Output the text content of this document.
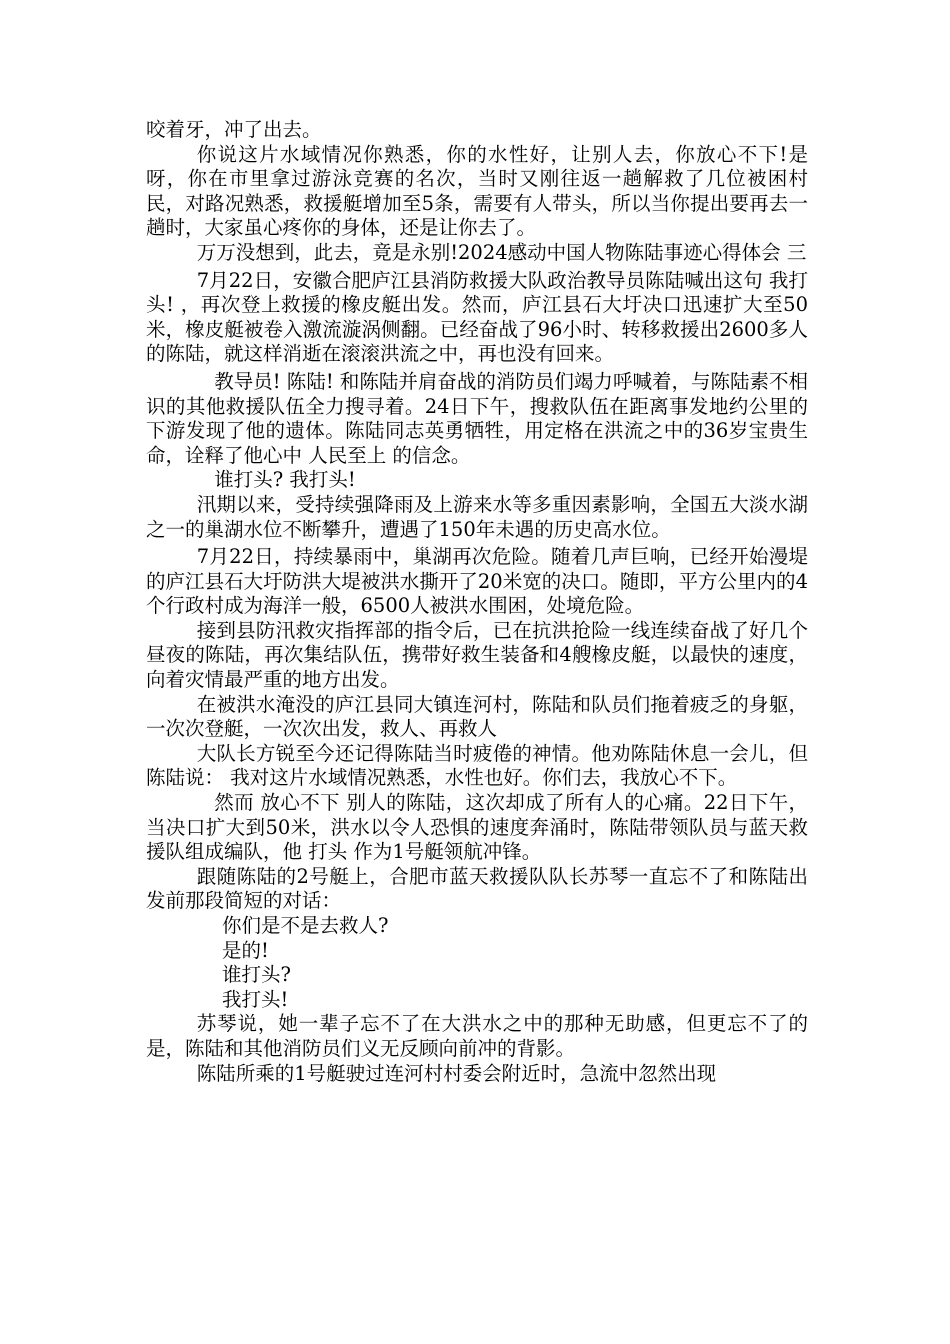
咬着牙，冲了出去。

你说这片水域情况你熟悉，你的水性好，让别人去，你放心不下!是呀，你在市里拿过游泳竞赛的名次，当时又刚往返一趟解救了几位被困村民，对路况熟悉，救援艇增加至5条，需要有人带头，所以当你提出要再去一趟时，大家虽心疼你的身体，还是让你去了。

万万没想到，此去，竟是永别!2024感动中国人物陈陆事迹心得体会 三

7月22日，安徽合肥庐江县消防救援大队政治教导员陈陆喊出这句 我打头! ，再次登上救援的橡皮艇出发。然而，庐江县石大圩决口迅速扩大至50米，橡皮艇被卷入激流漩涡侧翻。已经奋战了96小时、转移救援出2600多人的陈陆，就这样消逝在滚滚洪流之中，再也没有回来。

教导员! 陈陆! 和陈陆并肩奋战的消防员们竭力呼喊着，与陈陆素不相识的其他救援队伍全力搜寻着。24日下午，搜救队伍在距离事发地约公里的下游发现了他的遗体。陈陆同志英勇牺牲，用定格在洪流之中的36岁宝贵生命，诠释了他心中 人民至上 的信念。

谁打头? 我打头!

汛期以来，受持续强降雨及上游来水等多重因素影响，全国五大淡水湖之一的巢湖水位不断攀升，遭遇了150年未遇的历史高水位。

7月22日，持续暴雨中，巢湖再次危险。随着几声巨响，已经开始漫堤的庐江县石大圩防洪大堤被洪水撕开了20米宽的决口。随即，平方公里内的4个行政村成为海洋一般，6500人被洪水围困，处境危险。

接到县防汛救灾指挥部的指令后，已在抗洪抢险一线连续奋战了好几个昼夜的陈陆，再次集结队伍，携带好救生装备和4艘橡皮艇，以最快的速度，向着灾情最严重的地方出发。

在被洪水淹没的庐江县同大镇连河村，陈陆和队员们拖着疲乏的身躯，一次次登艇，一次次出发，救人、再救人

大队长方锐至今还记得陈陆当时疲倦的神情。他劝陈陆休息一会儿，但陈陆说： 我对这片水域情况熟悉，水性也好。你们去，我放心不下。

然而 放心不下 别人的陈陆，这次却成了所有人的心痛。22日下午，当决口扩大到50米，洪水以令人恐惧的速度奔涌时，陈陆带领队员与蓝天救援队组成编队，他 打头 作为1号艇领航冲锋。

跟随陈陆的2号艇上，合肥市蓝天救援队队长苏琴一直忘不了和陈陆出发前那段简短的对话：

你们是不是去救人?

是的!

谁打头?

我打头!

苏琴说，她一辈子忘不了在大洪水之中的那种无助感，但更忘不了的是，陈陆和其他消防员们义无反顾向前冲的背影。

陈陆所乘的1号艇驶过连河村村委会附近时，急流中忽然出现
